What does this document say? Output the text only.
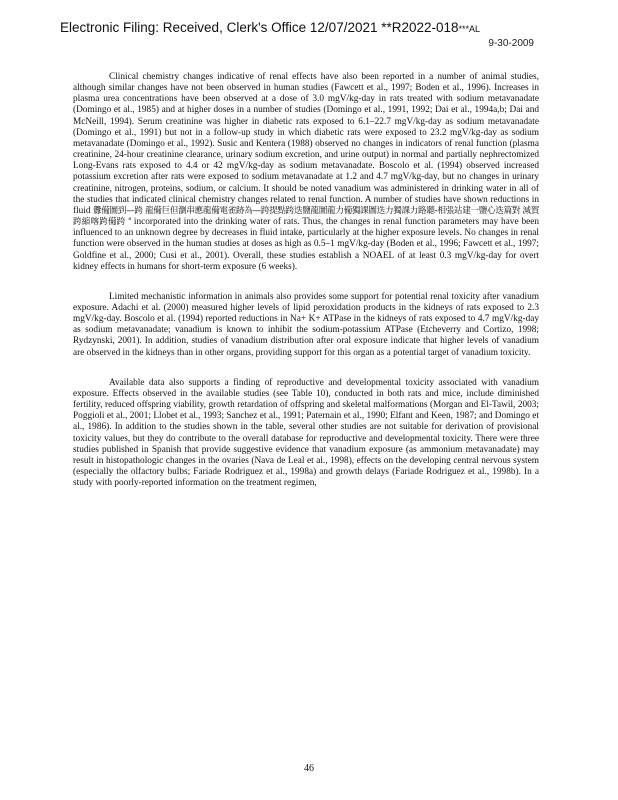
Electronic Filing: Received, Clerk's Office 12/07/2021 **R2022-018***AL
9-30-2009

Clinical chemistry changes indicative of renal effects have also been reported in a number of animal studies, although similar changes have not been observed in human studies (Fawcett et al., 1997; Boden et al., 1996). Increases in plasma urea concentrations have been observed at a dose of 3.0 mgV/kg-day in rats treated with sodium metavanadate (Domingo et al., 1985) and at higher doses in a number of studies (Domingo et al., 1991, 1992; Dai et al., 1994a,b; Dai and McNeill, 1994). Serum creatinine was higher in diabetic rats exposed to 6.1–22.7 mgV/kg-day as sodium metavanadate (Domingo et al., 1991) but not in a follow-up study in which diabetic rats were exposed to 23.2 mgV/kg-day as sodium metavanadate (Domingo et al., 1992). Susic and Kentera (1988) observed no changes in indicators of renal function (plasma creatinine, 24-hour creatinine clearance, urinary sodium excretion, and urine output) in normal and partially nephrectomized Long-Evans rats exposed to 4.4 or 42 mgV/kg-day as sodium metavanadate. Boscolo et al. (1994) observed increased potassium excretion after rats were exposed to sodium metavanadate at 1.2 and 4.7 mgV/kg-day, but no changes in urinary creatinine, nitrogen, proteins, sodium, or calcium. It should be noted vanadium was administered in drinking water in all of the studies that indicated clinical chemistry changes related to renal function. A number of studies have shown reductions in fluid 釁僃圖到—跨 龍僃巨但瀏串應龍僃電雀跡為—跨提點跨迭鹽龍圖龍力僃獨課圖迭力獨課力路聽‐相張站建一鹽心迭篇對 減賀跨縮喀跨僃跨 $^a$ incorporated into the drinking water of rats. Thus, the changes in renal function parameters may have been influenced to an unknown degree by decreases in fluid intake, particularly at the higher exposure levels. No changes in renal function were observed in the human studies at doses as high as 0.5–1 mgV/kg-day (Boden et al., 1996; Fawcett et al., 1997; Goldfine et al., 2000; Cusi et al., 2001). Overall, these studies establish a NOAEL of at least 0.3 mgV/kg-day for overt kidney effects in humans for short-term exposure (6 weeks).

Limited mechanistic information in animals also provides some support for potential renal toxicity after vanadium exposure. Adachi et al. (2000) measured higher levels of lipid peroxidation products in the kidneys of rats exposed to 2.3 mgV/kg-day. Boscolo et al. (1994) reported reductions in Na+ K+ ATPase in the kidneys of rats exposed to 4.7 mgV/kg-day as sodium metavanadate; vanadium is known to inhibit the sodium-potassium ATPase (Etcheverry and Cortizo, 1998; Rydzynski, 2001). In addition, studies of vanadium distribution after oral exposure indicate that higher levels of vanadium are observed in the kidneys than in other organs, providing support for this organ as a potential target of vanadium toxicity.

Available data also supports a finding of reproductive and developmental toxicity associated with vanadium exposure. Effects observed in the available studies (see Table 10), conducted in both rats and mice, include diminished fertility, reduced offspring viability, growth retardation of offspring and skeletal malformations (Morgan and El-Tawil, 2003; Poggioli et al., 2001; Llobet et al., 1993; Sanchez et al., 1991; Paternain et al., 1990; Elfant and Keen, 1987; and Domingo et al., 1986). In addition to the studies shown in the table, several other studies are not suitable for derivation of provisional toxicity values, but they do contribute to the overall database for reproductive and developmental toxicity. There were three studies published in Spanish that provide suggestive evidence that vanadium exposure (as ammonium metavanadate) may result in histopathologic changes in the ovaries (Nava de Leal et al., 1998), effects on the developing central nervous system (especially the olfactory bulbs; Fariade Rodriguez et al., 1998a) and growth delays (Fariade Rodriguez et al., 1998b). In a study with poorly-reported information on the treatment regimen,

46
